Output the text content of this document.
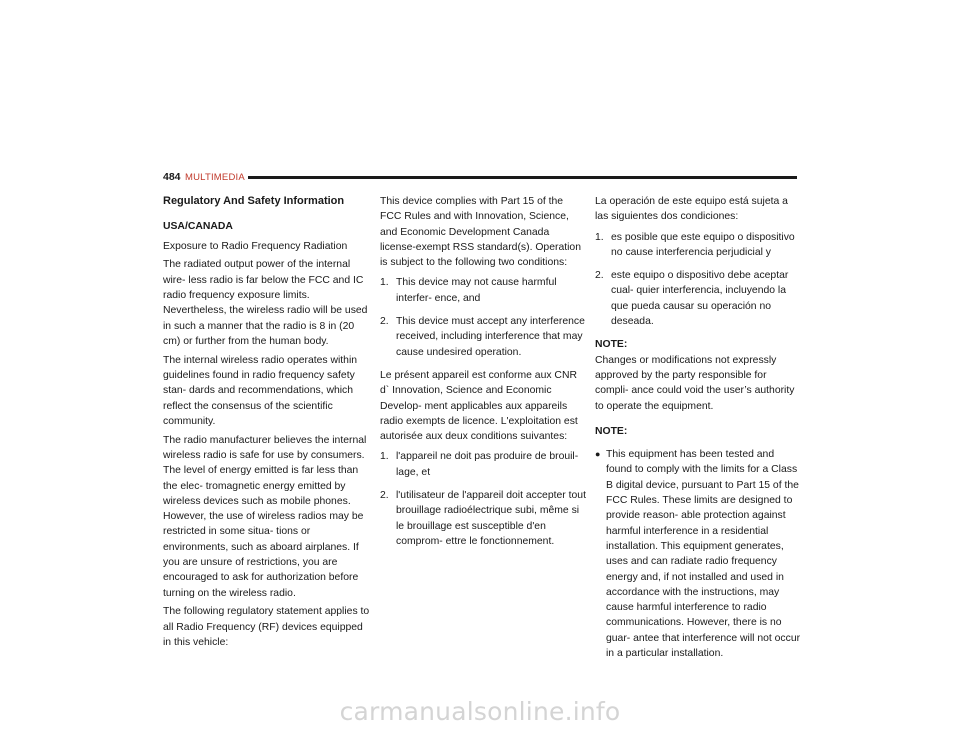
484 MULTIMEDIA

Regulatory And Safety Information

USA/CANADA

Exposure to Radio Frequency Radiation

The radiated output power of the internal wire- less radio is far below the FCC and IC radio frequency exposure limits. Nevertheless, the wireless radio will be used in such a manner that the radio is 8 in (20 cm) or further from the human body.

The internal wireless radio operates within guidelines found in radio frequency safety stan- dards and recommendations, which reflect the consensus of the scientific community.

The radio manufacturer believes the internal wireless radio is safe for use by consumers. The level of energy emitted is far less than the elec- tromagnetic energy emitted by wireless devices such as mobile phones. However, the use of wireless radios may be restricted in some situa- tions or environments, such as aboard airplanes. If you are unsure of restrictions, you are encouraged to ask for authorization before turning on the wireless radio.

The following regulatory statement applies to all Radio Frequency (RF) devices equipped in this vehicle:

This device complies with Part 15 of the FCC Rules and with Innovation, Science, and Economic Development Canada license-exempt RSS standard(s). Operation is subject to the following two conditions:

1. This device may not cause harmful interfer- ence, and
2. This device must accept any interference received, including interference that may cause undesired operation.

Le présent appareil est conforme aux CNR d` Innovation, Science and Economic Develop- ment applicables aux appareils radio exempts de licence. L'exploitation est autorisée aux deux conditions suivantes:

1. l'appareil ne doit pas produire de brouil- lage, et
2. l'utilisateur de l'appareil doit accepter tout brouillage radioélectrique subi, même si le brouillage est susceptible d'en comprom- ettre le fonctionnement.

La operación de este equipo está sujeta a las siguientes dos condiciones:

1. es posible que este equipo o dispositivo no cause interferencia perjudicial y
2. este equipo o dispositivo debe aceptar cual- quier interferencia, incluyendo la que pueda causar su operación no deseada.

NOTE:

Changes or modifications not expressly approved by the party responsible for compli- ance could void the user’s authority to operate the equipment.

NOTE:

● This equipment has been tested and found to comply with the limits for a Class B digital device, pursuant to Part 15 of the FCC Rules. These limits are designed to provide reason- able protection against harmful interference in a residential installation. This equipment generates, uses and can radiate radio frequency energy and, if not installed and used in accordance with the instructions, may cause harmful interference to radio communications. However, there is no guar- antee that interference will not occur in a particular installation.
carmanualsonline.info
